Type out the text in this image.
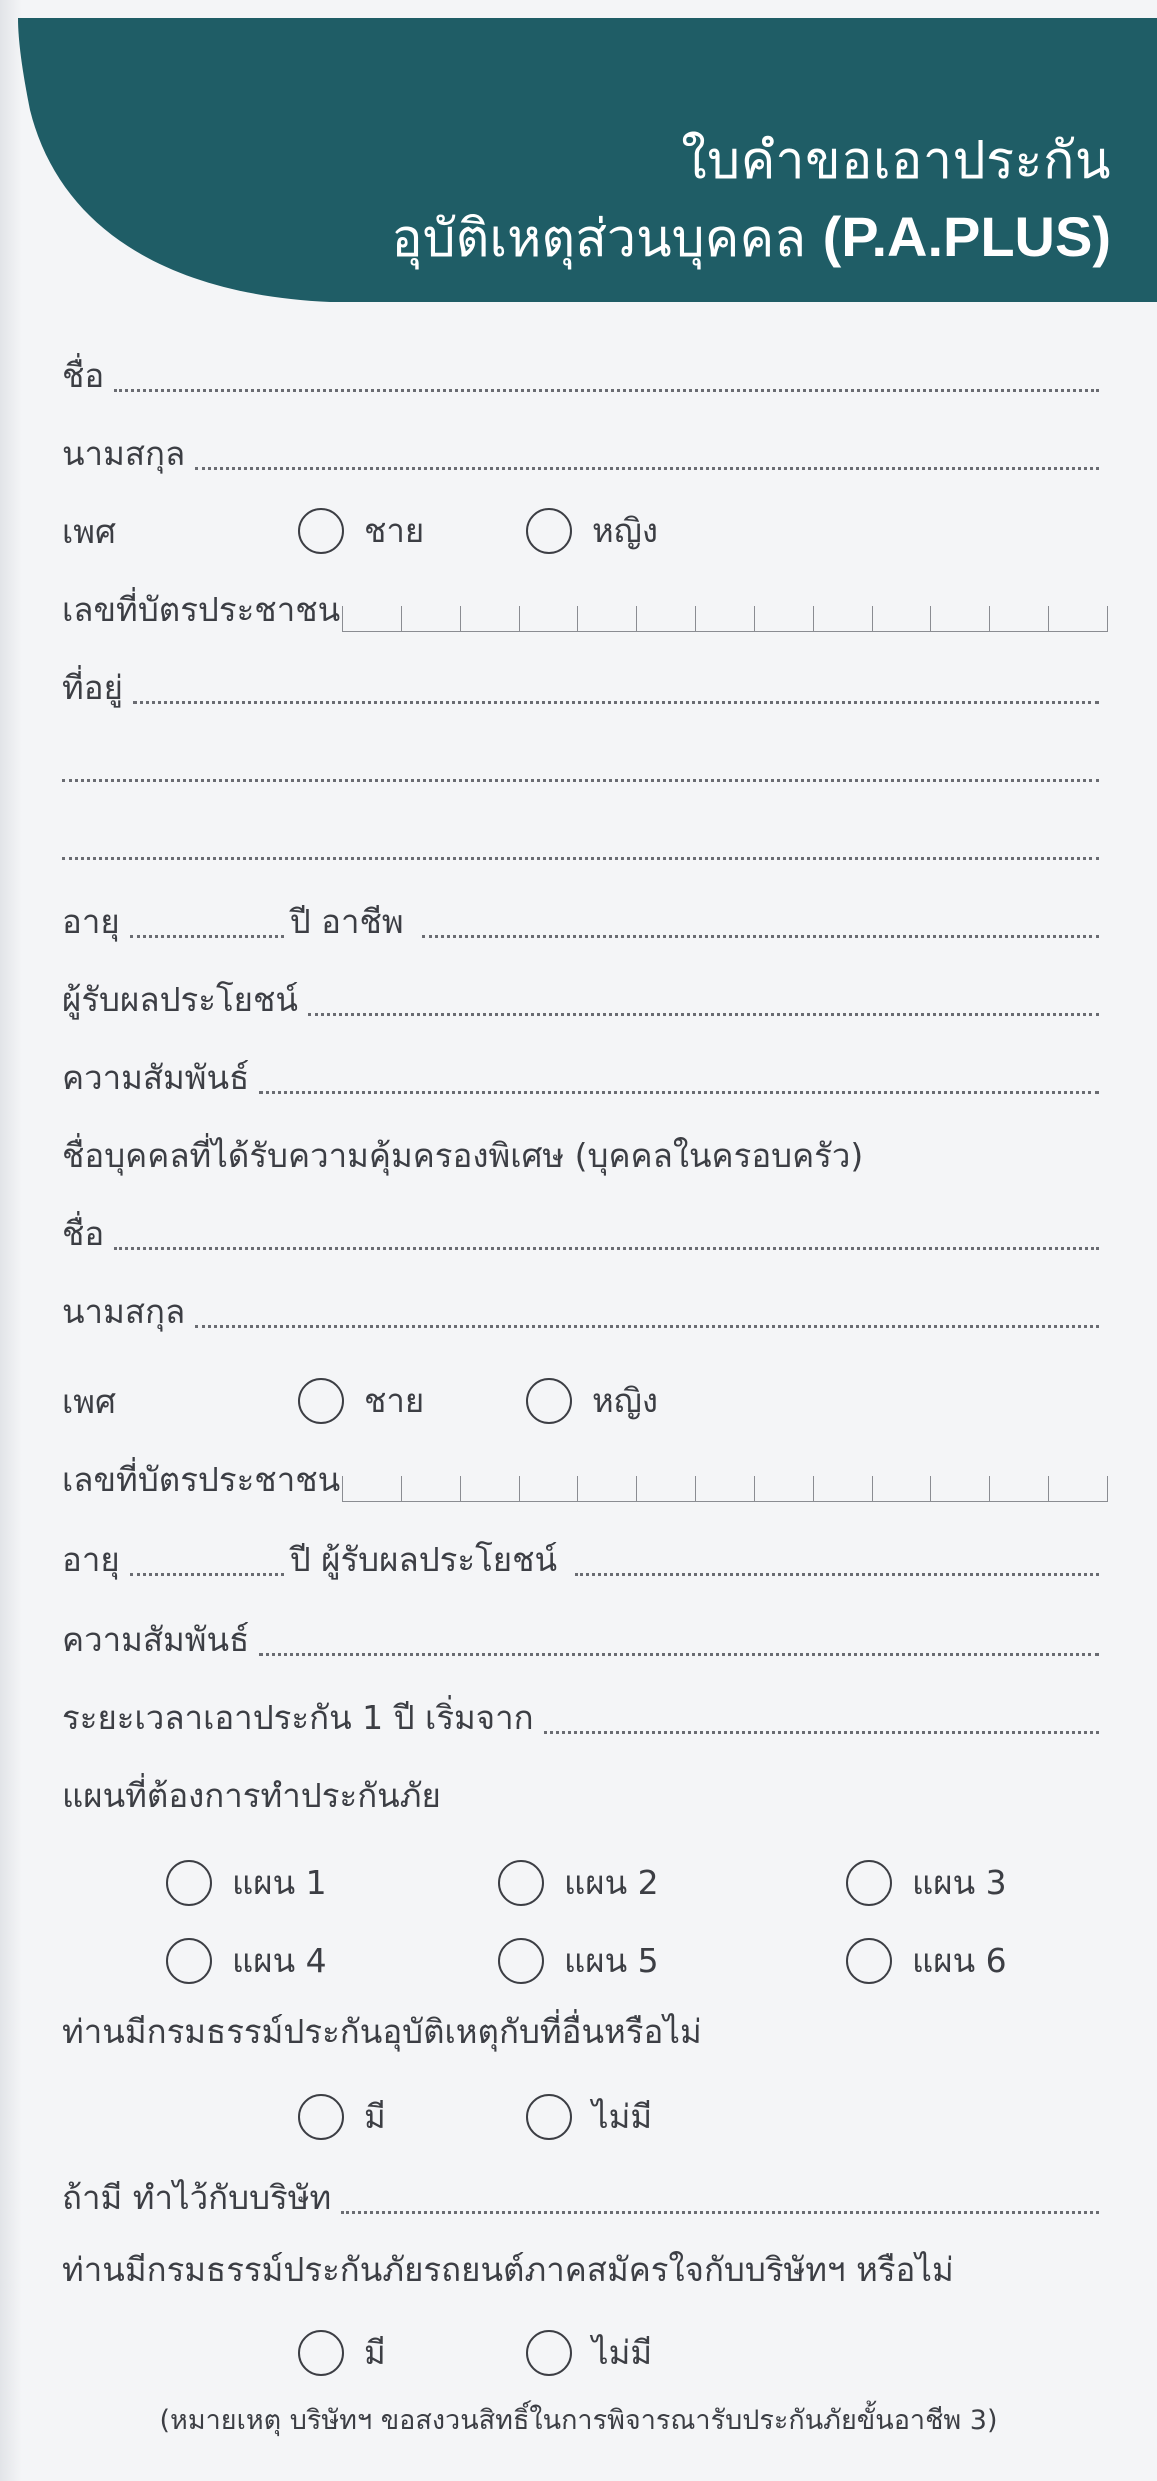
ใบคำขอเอาประกัน
อุบัติเหตุส่วนบุคคล (P.A.PLUS)
ชื่อ
นามสกุล
เพศ	ชาย	หญิง
เลขที่บัตรประชาชน
ที่อยู่
อายุ	ปี อาชีพ
ผู้รับผลประโยชน์
ความสัมพันธ์
ชื่อบุคคลที่ได้รับความคุ้มครองพิเศษ (บุคคลในครอบครัว)
ชื่อ
นามสกุล
เพศ	ชาย	หญิง
เลขที่บัตรประชาชน
อายุ	ปี ผู้รับผลประโยชน์
ความสัมพันธ์
ระยะเวลาเอาประกัน 1 ปี เริ่มจาก
แผนที่ต้องการทำประกันภัย
แผน 1	แผน 2	แผน 3
แผน 4	แผน 5	แผน 6
ท่านมีกรมธรรม์ประกันอุบัติเหตุกับที่อื่นหรือไม่
มี	ไม่มี
ถ้ามี ทำไว้กับบริษัท
ท่านมีกรมธรรม์ประกันภัยรถยนต์ภาคสมัครใจกับบริษัทฯ หรือไม่
มี	ไม่มี
(หมายเหตุ บริษัทฯ ขอสงวนสิทธิ์ในการพิจารณารับประกันภัยขั้นอาชีพ 3)
